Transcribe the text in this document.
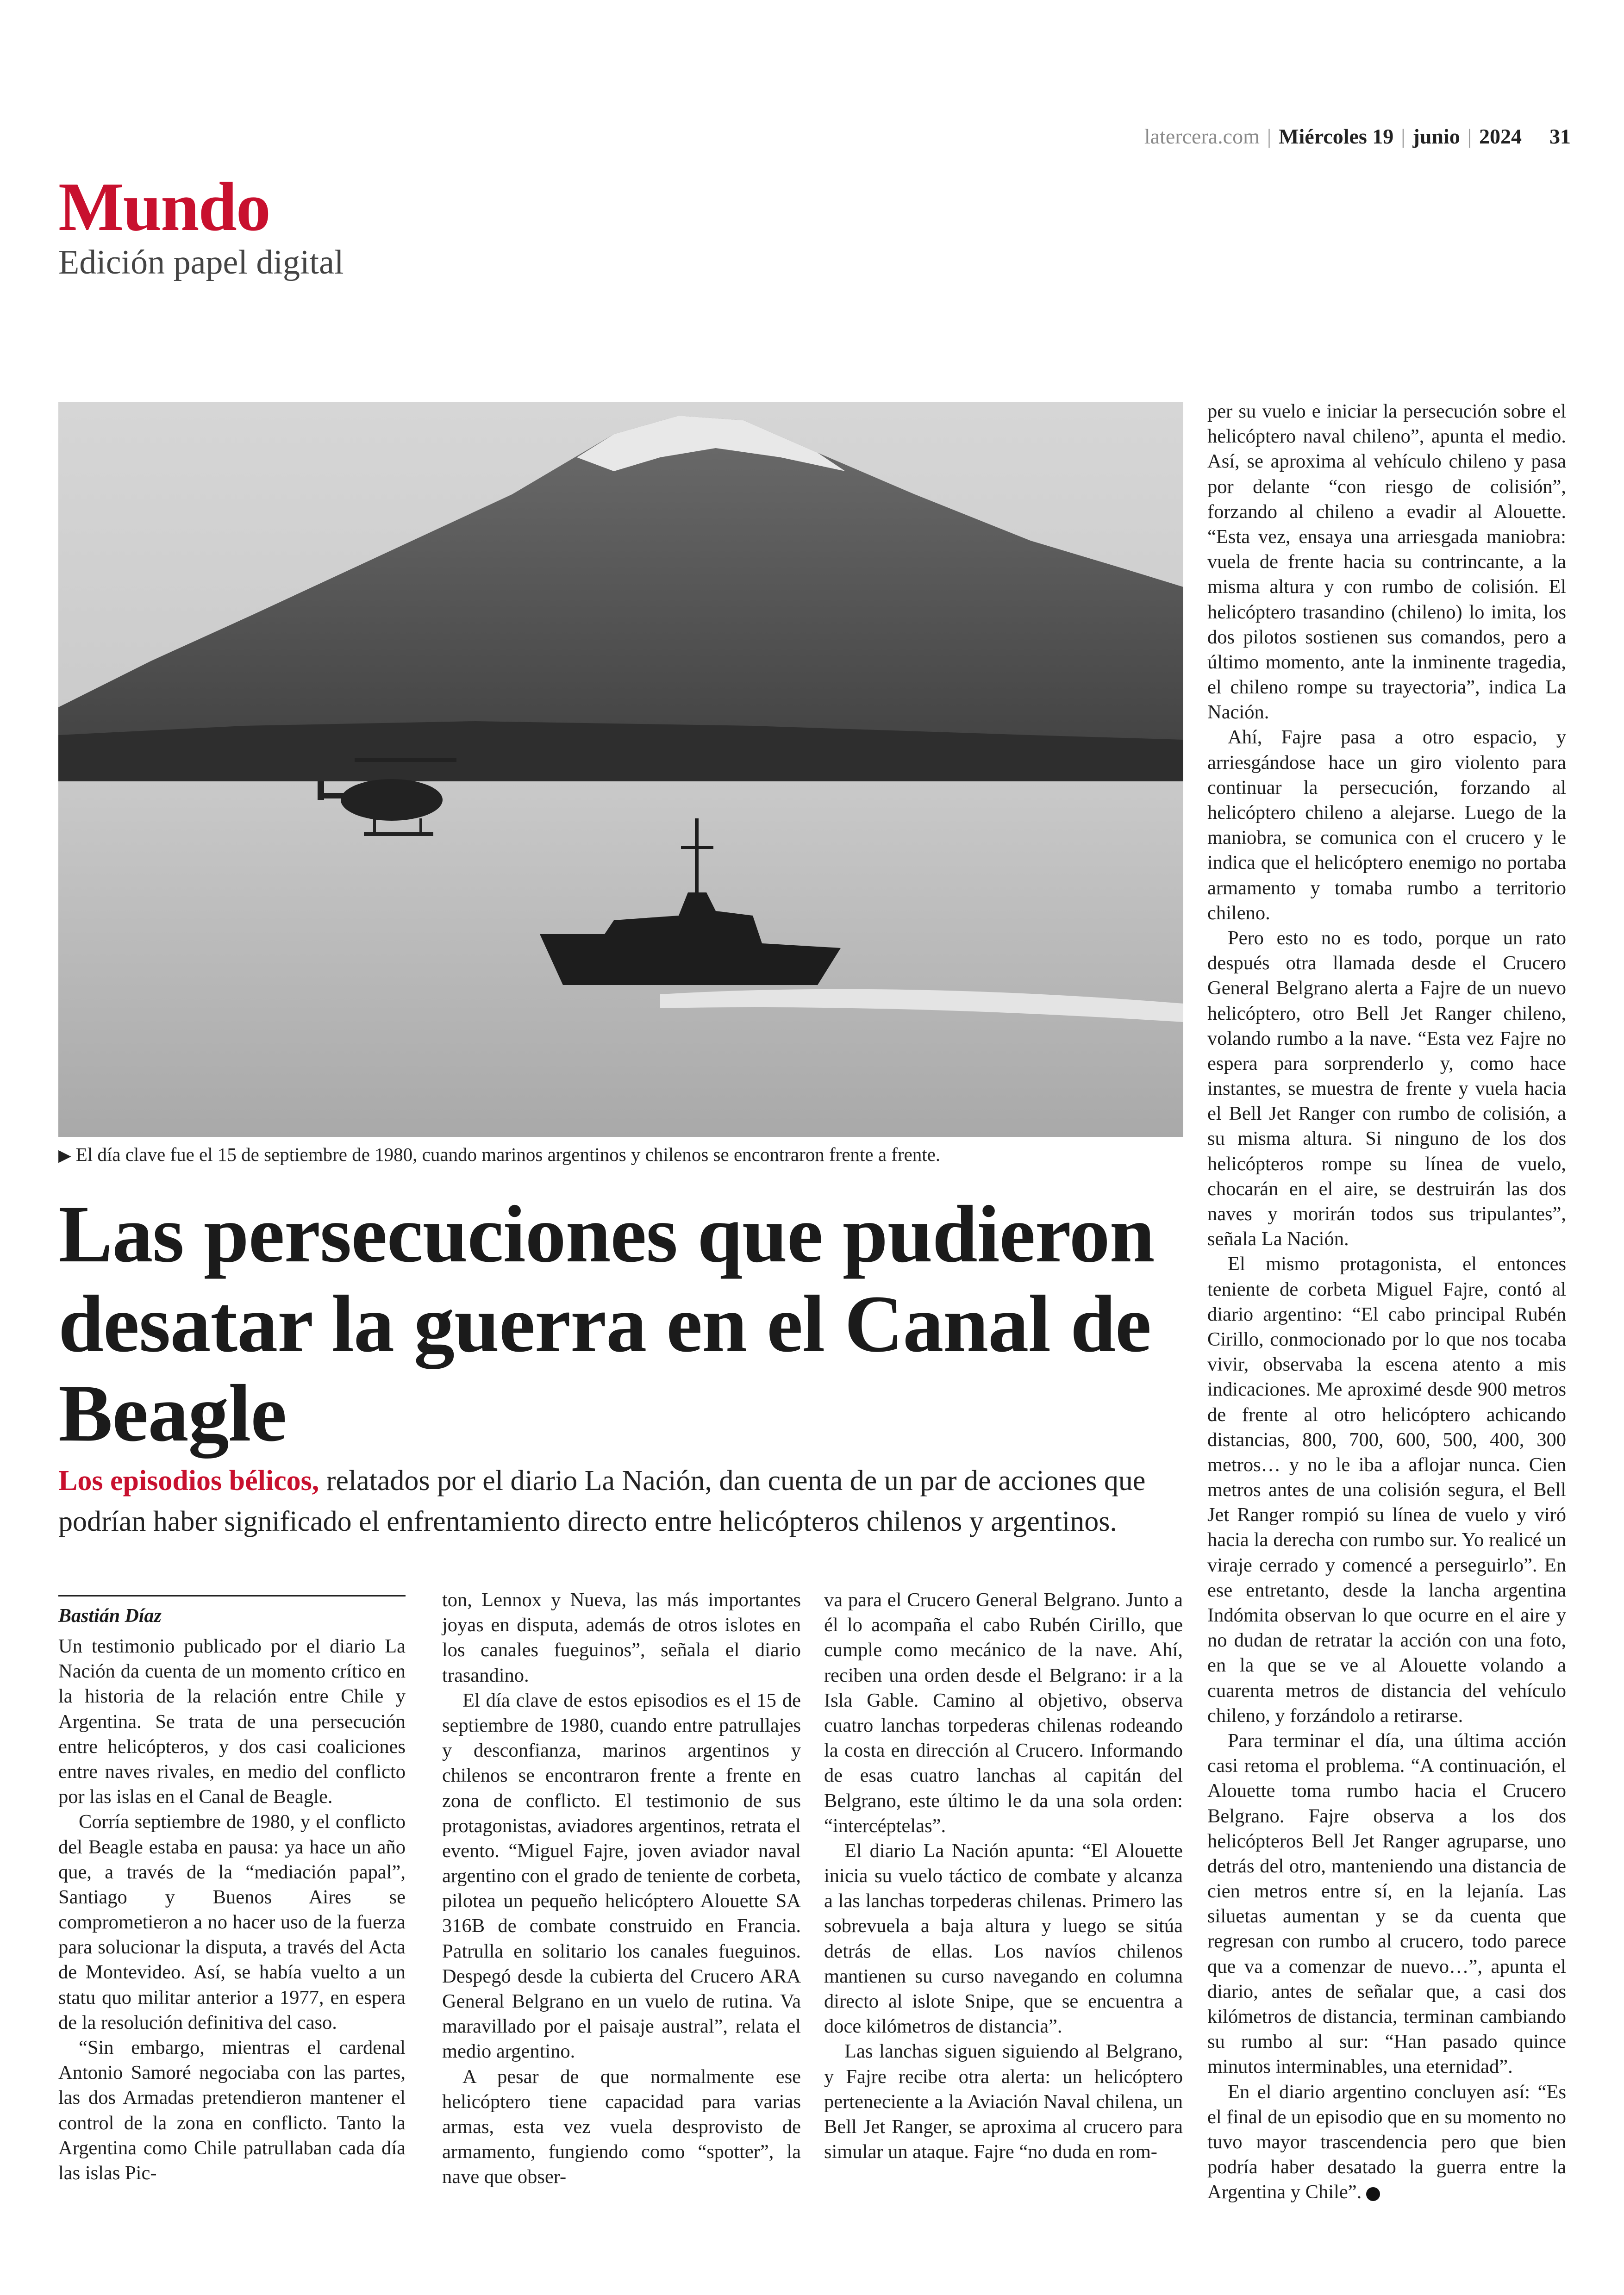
latercera.com | Miércoles 19 | junio | 2024 31
Mundo
Edición papel digital
▶ El día clave fue el 15 de septiembre de 1980, cuando marinos argentinos y chilenos se encontraron frente a frente.
Las persecuciones que pudieron desatar la guerra en el Canal de Beagle
Los episodios bélicos, relatados por el diario La Nación, dan cuenta de un par de acciones que podrían haber significado el enfrentamiento directo entre helicópteros chilenos y argentinos.
Bastián Díaz

Un testimonio publicado por el diario La Nación da cuenta de un momento crítico en la historia de la relación entre Chile y Argentina. Se trata de una persecución entre helicópteros, y dos casi coaliciones entre naves rivales, en medio del conflicto por las islas en el Canal de Beagle.

Corría septiembre de 1980, y el conflicto del Beagle estaba en pausa: ya hace un año que, a través de la “mediación papal”, Santiago y Buenos Aires se comprometieron a no hacer uso de la fuerza para solucionar la disputa, a través del Acta de Montevideo. Así, se había vuelto a un statu quo militar anterior a 1977, en espera de la resolución definitiva del caso.

“Sin embargo, mientras el cardenal Antonio Samoré negociaba con las partes, las dos Armadas pretendieron mantener el control de la zona en conflicto. Tanto la Argentina como Chile patrullaban cada día las islas Pic-

ton, Lennox y Nueva, las más importantes joyas en disputa, además de otros islotes en los canales fueguinos”, señala el diario trasandino.

El día clave de estos episodios es el 15 de septiembre de 1980, cuando entre patrullajes y desconfianza, marinos argentinos y chilenos se encontraron frente a frente en zona de conflicto. El testimonio de sus protagonistas, aviadores argentinos, retrata el evento. “Miguel Fajre, joven aviador naval argentino con el grado de teniente de corbeta, pilotea un pequeño helicóptero Alouette SA 316B de combate construido en Francia. Patrulla en solitario los canales fueguinos. Despegó desde la cubierta del Crucero ARA General Belgrano en un vuelo de rutina. Va maravillado por el paisaje austral”, relata el medio argentino.

A pesar de que normalmente ese helicóptero tiene capacidad para varias armas, esta vez vuela desprovisto de armamento, fungiendo como “spotter”, la nave que obser-

va para el Crucero General Belgrano. Junto a él lo acompaña el cabo Rubén Cirillo, que cumple como mecánico de la nave. Ahí, reciben una orden desde el Belgrano: ir a la Isla Gable. Camino al objetivo, observa cuatro lanchas torpederas chilenas rodeando la costa en dirección al Crucero. Informando de esas cuatro lanchas al capitán del Belgrano, este último le da una sola orden: “intercéptelas”.

El diario La Nación apunta: “El Alouette inicia su vuelo táctico de combate y alcanza a las lanchas torpederas chilenas. Primero las sobrevuela a baja altura y luego se sitúa detrás de ellas. Los navíos chilenos mantienen su curso navegando en columna directo al islote Snipe, que se encuentra a doce kilómetros de distancia”.

Las lanchas siguen siguiendo al Belgrano, y Fajre recibe otra alerta: un helicóptero perteneciente a la Aviación Naval chilena, un Bell Jet Ranger, se aproxima al crucero para simular un ataque. Fajre “no duda en rom-

per su vuelo e iniciar la persecución sobre el helicóptero naval chileno”, apunta el medio. Así, se aproxima al vehículo chileno y pasa por delante “con riesgo de colisión”, forzando al chileno a evadir al Alouette. “Esta vez, ensaya una arriesgada maniobra: vuela de frente hacia su contrincante, a la misma altura y con rumbo de colisión. El helicóptero trasandino (chileno) lo imita, los dos pilotos sostienen sus comandos, pero a último momento, ante la inminente tragedia, el chileno rompe su trayectoria”, indica La Nación.

Ahí, Fajre pasa a otro espacio, y arriesgándose hace un giro violento para continuar la persecución, forzando al helicóptero chileno a alejarse. Luego de la maniobra, se comunica con el crucero y le indica que el helicóptero enemigo no portaba armamento y tomaba rumbo a territorio chileno.

Pero esto no es todo, porque un rato después otra llamada desde el Crucero General Belgrano alerta a Fajre de un nuevo helicóptero, otro Bell Jet Ranger chileno, volando rumbo a la nave. “Esta vez Fajre no espera para sorprenderlo y, como hace instantes, se muestra de frente y vuela hacia el Bell Jet Ranger con rumbo de colisión, a su misma altura. Si ninguno de los dos helicópteros rompe su línea de vuelo, chocarán en el aire, se destruirán las dos naves y morirán todos sus tripulantes”, señala La Nación.

El mismo protagonista, el entonces teniente de corbeta Miguel Fajre, contó al diario argentino: “El cabo principal Rubén Cirillo, conmocionado por lo que nos tocaba vivir, observaba la escena atento a mis indicaciones. Me aproximé desde 900 metros de frente al otro helicóptero achicando distancias, 800, 700, 600, 500, 400, 300 metros… y no le iba a aflojar nunca. Cien metros antes de una colisión segura, el Bell Jet Ranger rompió su línea de vuelo y viró hacia la derecha con rumbo sur. Yo realicé un viraje cerrado y comencé a perseguirlo”. En ese entretanto, desde la lancha argentina Indómita observan lo que ocurre en el aire y no dudan de retratar la acción con una foto, en la que se ve al Alouette volando a cuarenta metros de distancia del vehículo chileno, y forzándolo a retirarse.

Para terminar el día, una última acción casi retoma el problema. “A continuación, el Alouette toma rumbo hacia el Crucero Belgrano. Fajre observa a los dos helicópteros Bell Jet Ranger agruparse, uno detrás del otro, manteniendo una distancia de cien metros entre sí, en la lejanía. Las siluetas aumentan y se da cuenta que regresan con rumbo al crucero, todo parece que va a comenzar de nuevo…”, apunta el diario, antes de señalar que, a casi dos kilómetros de distancia, terminan cambiando su rumbo al sur: “Han pasado quince minutos interminables, una eternidad”.

En el diario argentino concluyen así: “Es el final de un episodio que en su momento no tuvo mayor trascendencia pero que bien podría haber desatado la guerra entre la Argentina y Chile”.
